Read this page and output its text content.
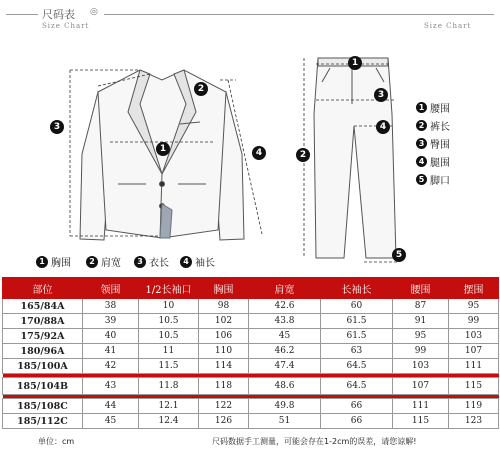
尺码表 ◎
Size Chart	Size Chart
3
2
1	4
3
1
4
2
5
1 腰围
2 裤长
3 臀围
4 腿围
5 脚口
1 胸围	2 肩宽	3 衣长	4 袖长
部位	领围	1/2长袖口	胸围	肩宽	长袖长	腰围	摆围
165/84A	38	10	98	42.6	60	87	95
170/88A	39	10.5	102	43.8	61.5	91	99
175/92A	40	10.5	106	45	61.5	95	103
180/96A	41	11	110	46.2	63	99	107
185/100A	42	11.5	114	47.4	64.5	103	111

185/104B	43	11.8	118	48.6	64.5	107	115

185/108C	44	12.1	122	49.8	66	111	119
185/112C	45	12.4	126	51	66	115	123
单位：cm	尺码数据手工测量，可能会存在1-2cm的误差，请您谅解!
